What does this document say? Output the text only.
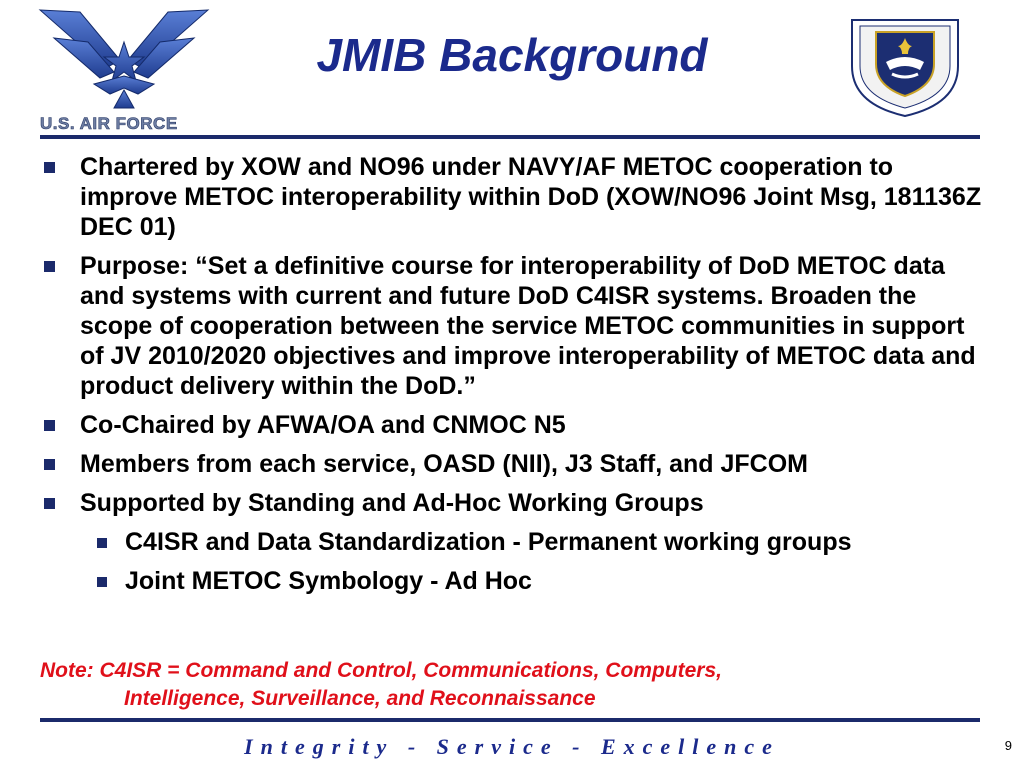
U.S. AIR FORCE
JMIB Background
Chartered by XOW and NO96 under NAVY/AF METOC cooperation to improve METOC interoperability within DoD (XOW/NO96 Joint Msg, 181136Z DEC 01)
Purpose: “Set a definitive course for interoperability of DoD METOC data and systems with current and future DoD C4ISR systems. Broaden the scope of cooperation between the service METOC communities in support of JV 2010/2020 objectives and improve interoperability of METOC data and product delivery within the DoD.”
Co-Chaired by AFWA/OA and CNMOC N5
Members from each service, OASD (NII), J3 Staff, and JFCOM
Supported by Standing and Ad-Hoc Working Groups
C4ISR and Data Standardization - Permanent working groups
Joint METOC Symbology - Ad Hoc
Note: C4ISR = Command and Control, Communications, Computers,
Intelligence, Surveillance, and Reconnaissance
Integrity - Service - Excellence	9
